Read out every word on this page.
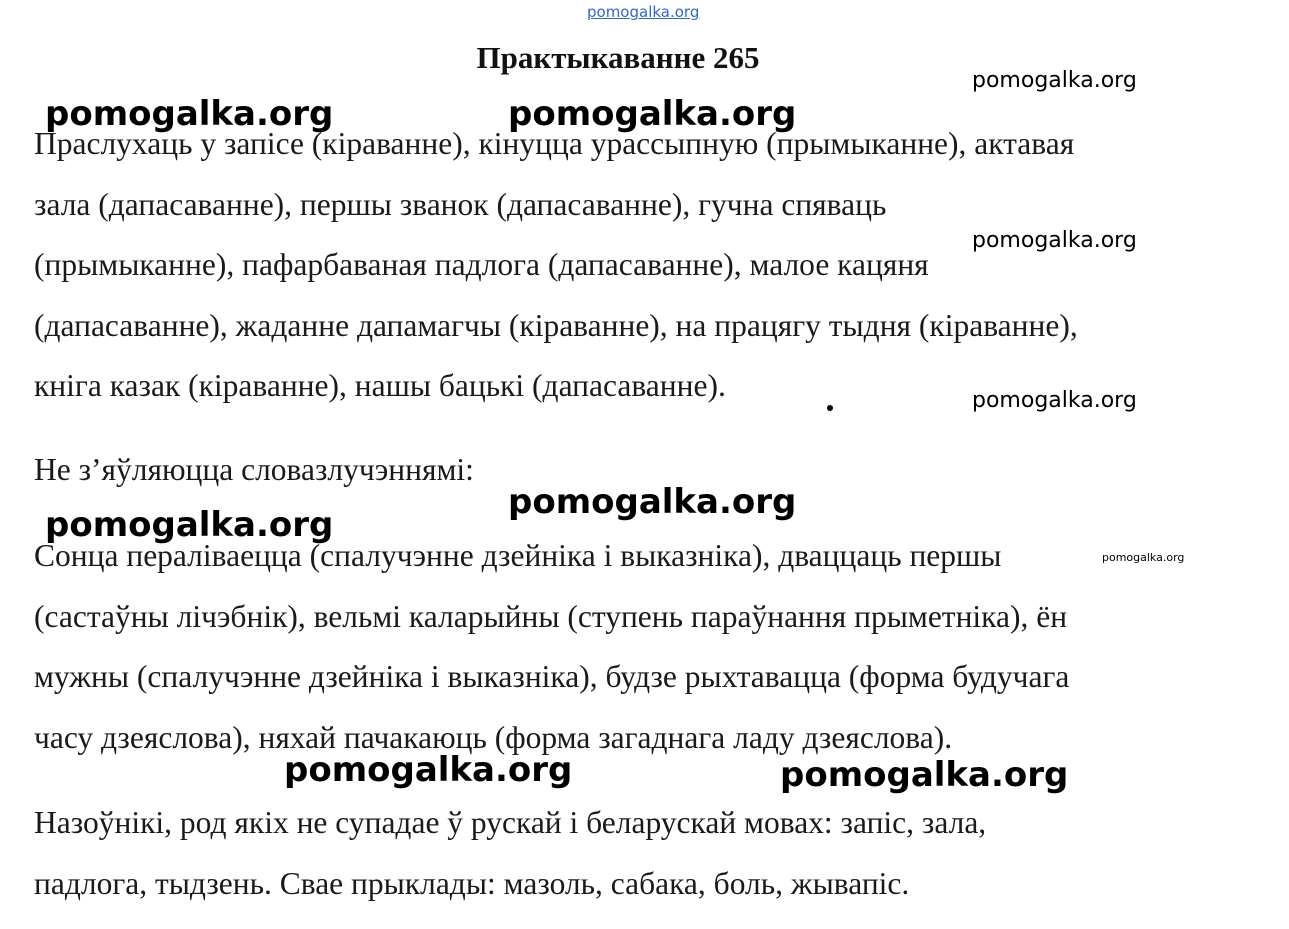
pomogalka.org
Практыкаванне 265
Праслухаць у запісе (кіраванне), кінуцца урассыпную (прымыканне), актавая
зала (дапасаванне), першы званок (дапасаванне), гучна спяваць
(прымыканне), пафарбаваная падлога (дапасаванне), малое кацяня
(дапасаванне), жаданне дапамагчы (кіраванне), на працягу тыдня (кіраванне),
кніга казак (кіраванне), нашы бацькі (дапасаванне).
Не з’яўляюцца словазлучэннямі:
Сонца пераліваецца (спалучэнне дзейніка і выказніка), дваццаць першы
(састаўны лічэбнік), вельмі каларыйны (ступень параўнання прыметніка), ён
мужны (спалучэнне дзейніка і выказніка), будзе рыхтавацца (форма будучага
часу дзеяслова), няхай пачакаюць (форма загаднага ладу дзеяслова).
Назоўнікі, род якіх не супадае ў рускай і беларускай мовах: запіс, зала,
падлога, тыдзень. Свае прыклады: мазоль, сабака, боль, жывапіс.
pomogalka.org
pomogalka.org	pomogalka.org
pomogalka.org
pomogalka.org
pomogalka.org
pomogalka.org
pomogalka.org
pomogalka.org	pomogalka.org
